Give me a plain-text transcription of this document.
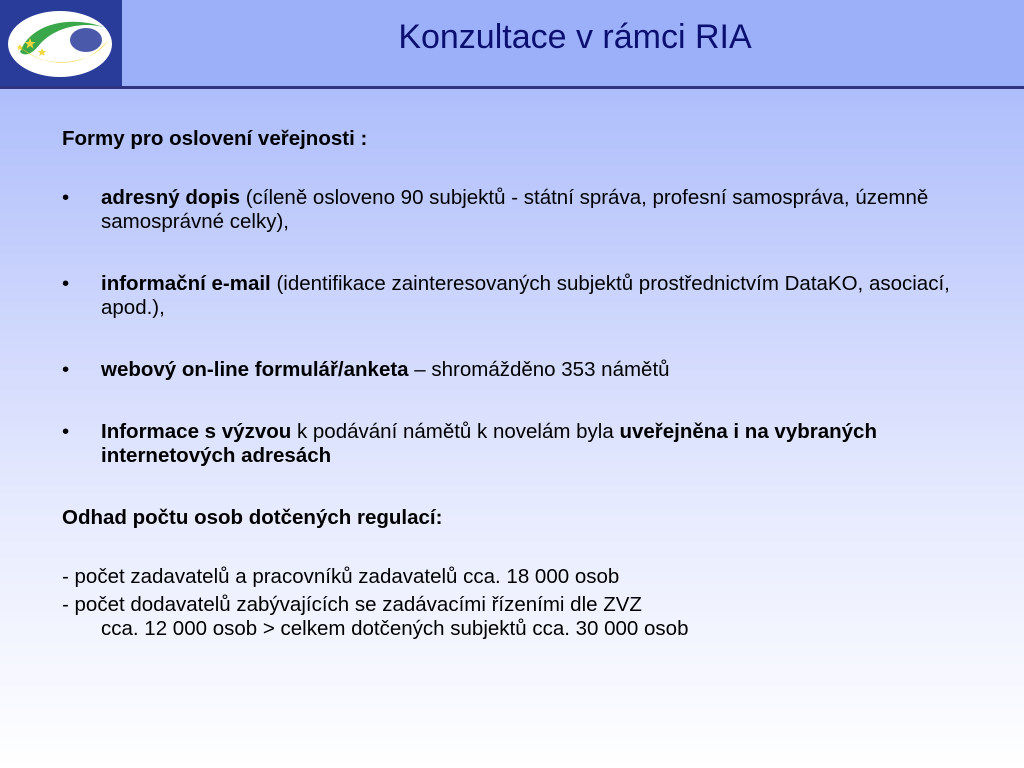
Konzultace v rámci RIA

Formy pro oslovení veřejnosti :

•	adresný dopis (cíleně osloveno 90 subjektů - státní správa, profesní samospráva, územně samosprávné celky),
•	informační e-mail (identifikace zainteresovaných subjektů prostřednictvím DataKO, asociací, apod.),
•	webový on-line formulář/anketa – shromážděno 353 námětů
•	Informace s výzvou k podávání námětů k novelám byla uveřejněna i na vybraných internetových adresách

Odhad počtu osob dotčených regulací:

- počet zadavatelů a pracovníků zadavatelů cca. 18 000 osob

- počet dodavatelů zabývajících se zadávacími řízeními dle ZVZ

cca. 12 000 osob > celkem dotčených subjektů cca. 30 000 osob
